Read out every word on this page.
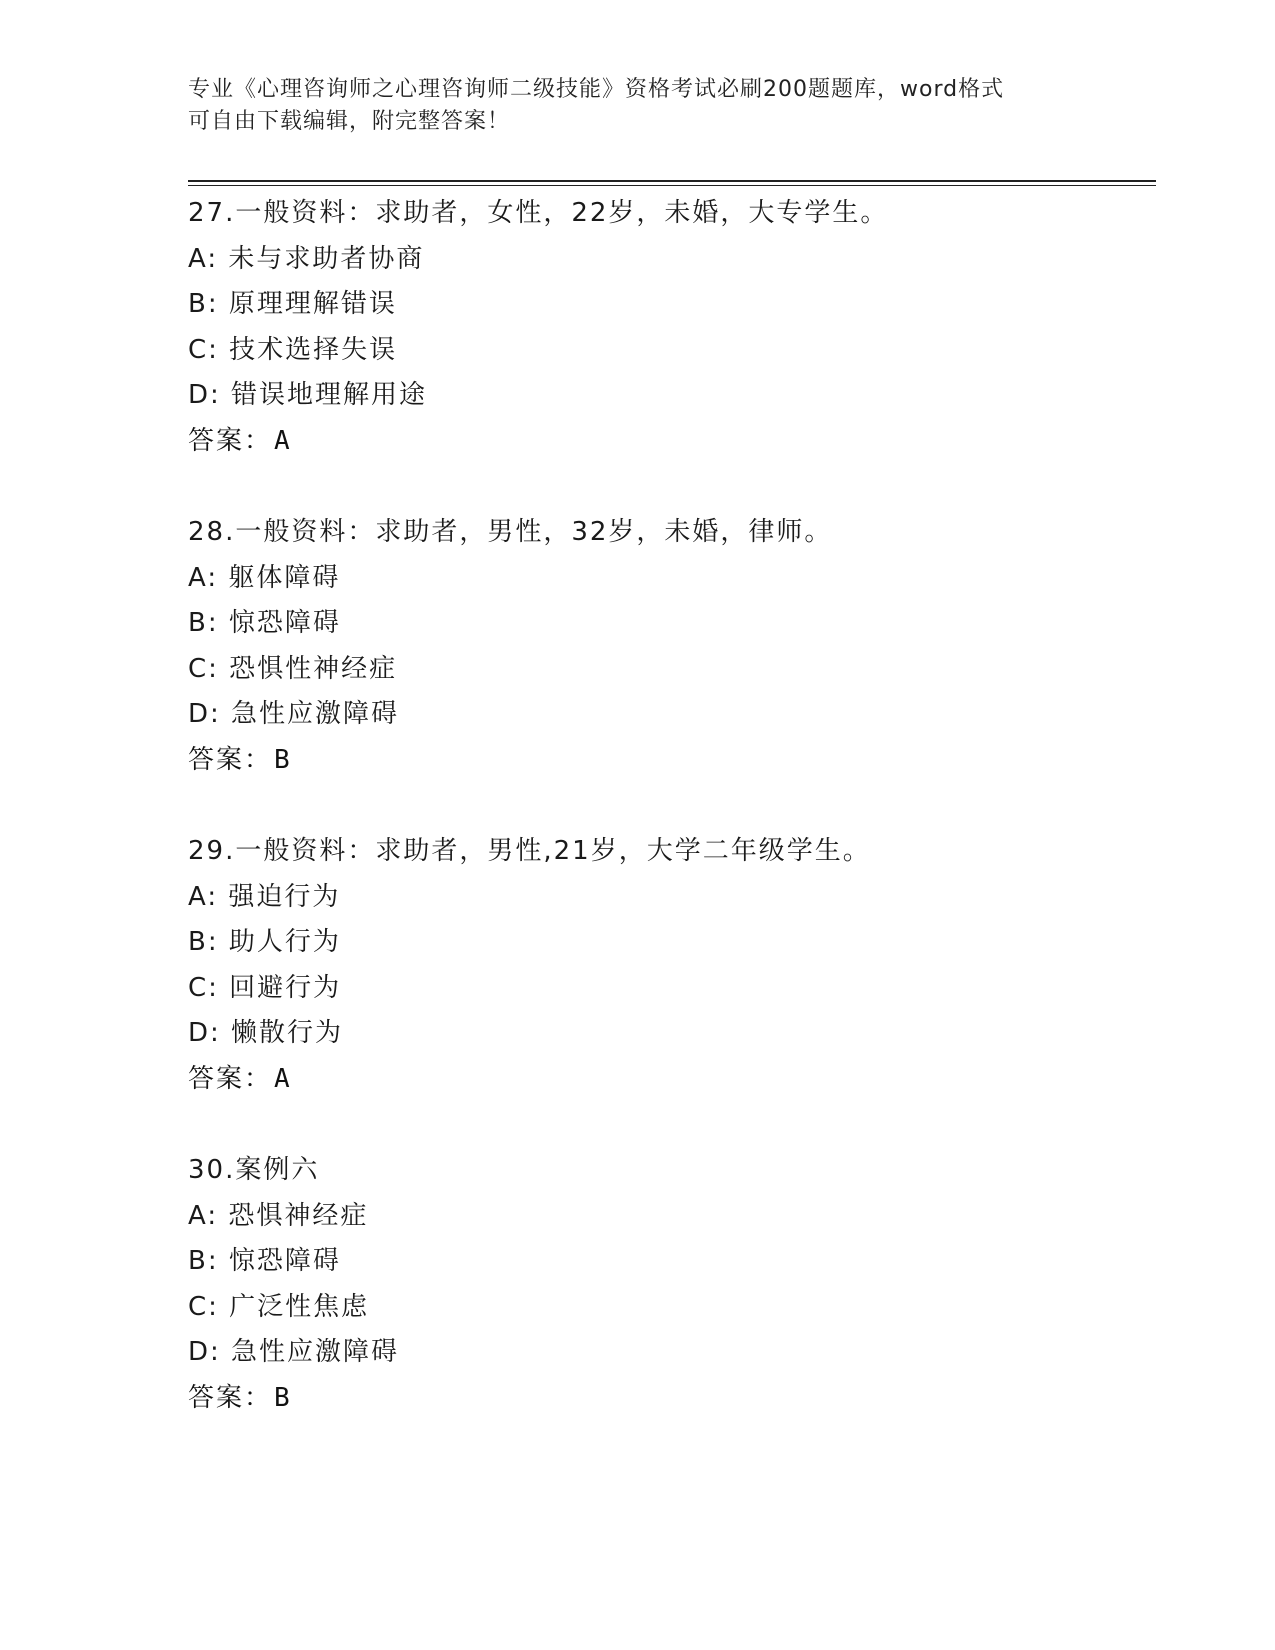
专业《心理咨询师之心理咨询师二级技能》资格考试必刷200题题库，word格式
可自由下载编辑，附完整答案！
27.一般资料：求助者，女性，22岁，未婚，大专学生。
A: 未与求助者协商
B: 原理理解错误
C: 技术选择失误
D: 错误地理解用途
答案：A
28.一般资料：求助者，男性，32岁，未婚，律师。
A: 躯体障碍
B: 惊恐障碍
C: 恐惧性神经症
D: 急性应激障碍
答案：B
29.一般资料：求助者，男性,21岁，大学二年级学生。
A: 强迫行为
B: 助人行为
C: 回避行为
D: 懒散行为
答案：A
30.案例六
A: 恐惧神经症
B: 惊恐障碍
C: 广泛性焦虑
D: 急性应激障碍
答案：B
